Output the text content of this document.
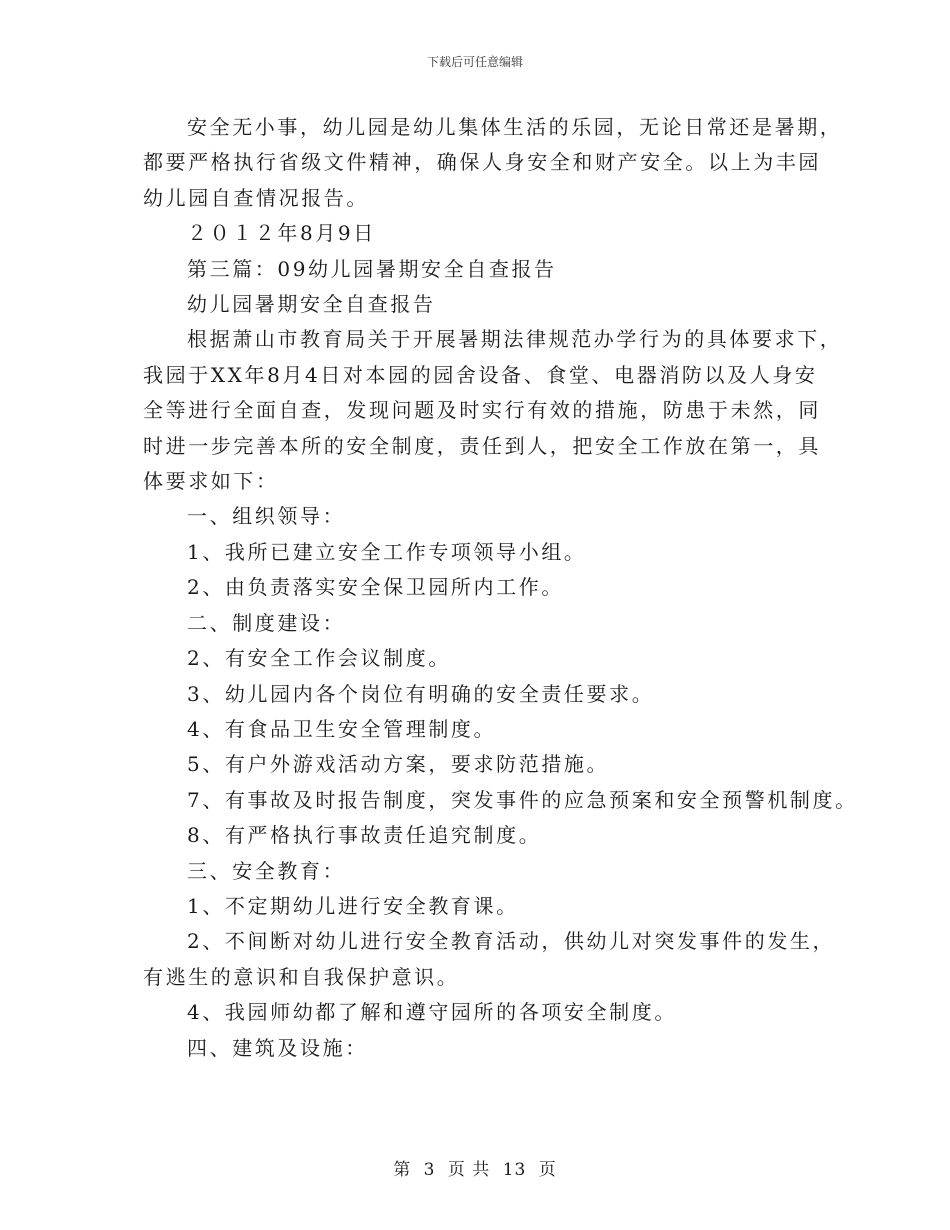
下载后可任意编辑

安全无小事，幼儿园是幼儿集体生活的乐园，无论日常还是暑期，

都要严格执行省级文件精神，确保人身安全和财产安全。以上为丰园

幼儿园自查情况报告。

２０１２年8月9日

第三篇：09幼儿园暑期安全自查报告

幼儿园暑期安全自查报告

根据萧山市教育局关于开展暑期法律规范办学行为的具体要求下，

我园于XX年8月4日对本园的园舍设备、食堂、电器消防以及人身安

全等进行全面自查，发现问题及时实行有效的措施，防患于未然，同

时进一步完善本所的安全制度，责任到人，把安全工作放在第一，具

体要求如下：

一、组织领导：

1、我所已建立安全工作专项领导小组。

2、由负责落实安全保卫园所内工作。

二、制度建设：

2、有安全工作会议制度。

3、幼儿园内各个岗位有明确的安全责任要求。

4、有食品卫生安全管理制度。

5、有户外游戏活动方案，要求防范措施。

7、有事故及时报告制度，突发事件的应急预案和安全预警机制度。

8、有严格执行事故责任追究制度。

三、安全教育：

1、不定期幼儿进行安全教育课。

2、不间断对幼儿进行安全教育活动，供幼儿对突发事件的发生，

有逃生的意识和自我保护意识。

4、我园师幼都了解和遵守园所的各项安全制度。

四、建筑及设施：

第 3 页 共 13 页
